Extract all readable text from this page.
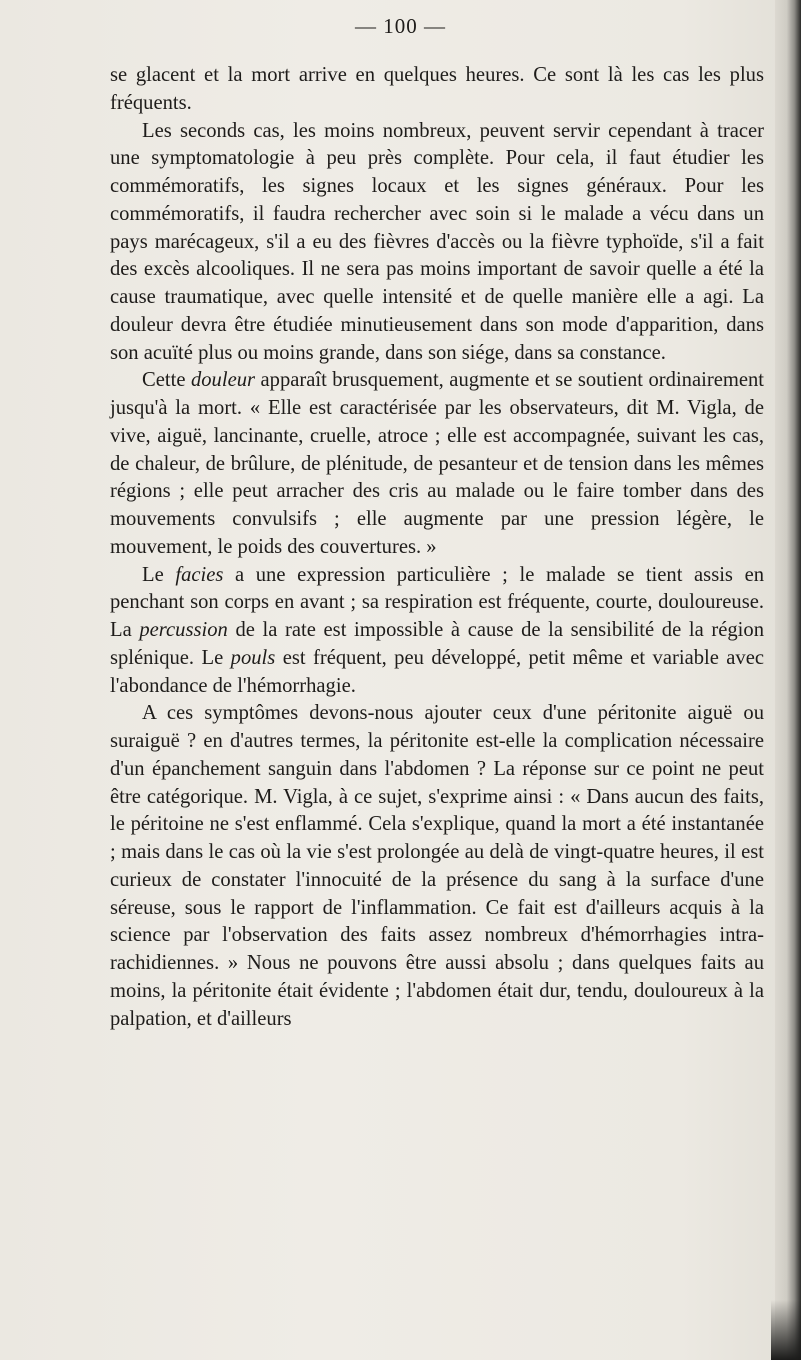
— 100 —

se glacent et la mort arrive en quelques heures. Ce sont là les cas les plus fréquents.

Les seconds cas, les moins nombreux, peuvent servir cependant à tracer une symptomatologie à peu près complète. Pour cela, il faut étudier les commémoratifs, les signes locaux et les signes généraux. Pour les commémoratifs, il faudra rechercher avec soin si le malade a vécu dans un pays marécageux, s'il a eu des fièvres d'accès ou la fièvre typhoïde, s'il a fait des excès alcooliques. Il ne sera pas moins important de savoir quelle a été la cause traumatique, avec quelle intensité et de quelle manière elle a agi. La douleur devra être étudiée minutieusement dans son mode d'apparition, dans son acuïté plus ou moins grande, dans son siége, dans sa constance.

Cette douleur apparaît brusquement, augmente et se soutient ordinairement jusqu'à la mort. « Elle est caractérisée par les observateurs, dit M. Vigla, de vive, aiguë, lancinante, cruelle, atroce ; elle est accompagnée, suivant les cas, de chaleur, de brûlure, de plénitude, de pesanteur et de tension dans les mêmes régions ; elle peut arracher des cris au malade ou le faire tomber dans des mouvements convulsifs ; elle augmente par une pression légère, le mouvement, le poids des couvertures. »

Le facies a une expression particulière ; le malade se tient assis en penchant son corps en avant ; sa respiration est fréquente, courte, douloureuse. La percussion de la rate est impossible à cause de la sensibilité de la région splénique. Le pouls est fréquent, peu développé, petit même et variable avec l'abondance de l'hémorrhagie.

A ces symptômes devons-nous ajouter ceux d'une péritonite aiguë ou suraiguë ? en d'autres termes, la péritonite est-elle la complication nécessaire d'un épanchement sanguin dans l'abdomen ? La réponse sur ce point ne peut être catégorique. M. Vigla, à ce sujet, s'exprime ainsi : « Dans aucun des faits, le péritoine ne s'est enflammé. Cela s'explique, quand la mort a été instantanée ; mais dans le cas où la vie s'est prolongée au delà de vingt-quatre heures, il est curieux de constater l'innocuité de la présence du sang à la surface d'une séreuse, sous le rapport de l'inflammation. Ce fait est d'ailleurs acquis à la science par l'observation des faits assez nombreux d'hémorrhagies intra-rachidiennes. » Nous ne pouvons être aussi absolu ; dans quelques faits au moins, la péritonite était évidente ; l'abdomen était dur, tendu, douloureux à la palpation, et d'ailleurs
